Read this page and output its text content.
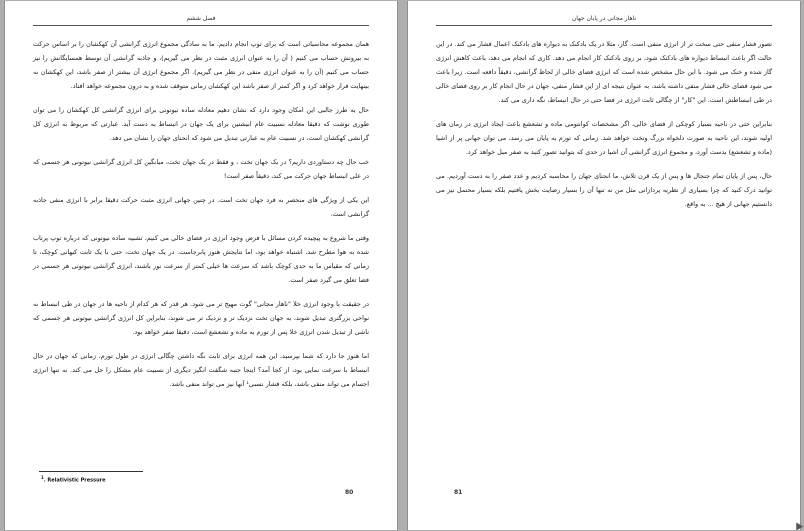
فصل ششم

همان مجموعه محاسباتی است که برای توپ انجام دادیم. ما به سادگی مجموع انرژی گرانشی آن کهکشان را بر اساس حرکت به بیرونش حساب می کنیم ( آن را به عنوان انرژی مثبت در نظر می گیریم)، و جاذبه گرانشی آن توسط همسایگانش را نیز حساب می کنیم (آن را به عنوان انرژی منفی در نظر می گیریم). اگر مجموع انرژی آن بیشتر از صفر باشد، این کهکشان به بینهایت فرار خواهد کرد و اگر کمتر از صفر باشد این کهکشان زمانی متوقف شده و به درون مجموعه خواهد افتاد.

حال به طرز جالبی این امکان وجود دارد که نشان دهیم معادله ساده نیوتونی برای انرژی گرانشی کل کهکشان را می توان طوری نوشت که دقیقا معادله نسبیت عام انیشتین برای یک جهان در انبساط به دست آید. عبارتی که مربوط به انرژی کل گرانشی کهکشان است، در نسبیت عام به عبارتی تبدیل می شود که انحنای جهان را نشان می دهد.

خب حال چه دستاوردی داریم؟ در یک جهان تخت ، و فقط در یک جهان تخت، میانگین کل انرژی گرانشی نیوتونی هر جسمی که در علی انبساط جهان حرکت می کند، دقیقاً صفر است!

این یکی از ویژگی های منحصر به فرد جهان تخت است. در چنین جهانی انرژی مثبت حرکت دقیقا برابر با انرژی منفی جاذبه گرانشی است.

وقتی ما شروع به پیچیده کردن مسائل با فرض وجود انرژی در فضای خالی می کنیم، تشبیه ساده نیوتونی که درباره توپ پرتاب شده به هوا مطرح شد، اشتباه خواهد بود، اما نتایجش هنوز پابرجاست. در یک جهان تخت، حتی با یک ثابت کیهانی کوچک، تا زمانی که مقیاس ما به حدی کوچک باشد که سرعت ها خیلی کمتر از سرعت نور باشند، انرژی گرانشی نیوتونی هر جسمی در فضا تعلق می گیرد صفر است.

در حقیقت با وجود انرژی خلا "ناهار مجانی" گوت مهیج تر می شود. هر قدر که هر کدام از ناحیه ها در جهان در طی انبساط به نواحی بزرگتری تبدیل شوند، به جهان تخت نزدیک تر و نزدیک تر می شوند، بنابراین کل انرژی گرانشی نیوتونی هر جسمی که ناشی از تبدیل شدن انرژی خلا پس از تورم به ماده و تشعشع است، دقیقا صفر خواهد بود.

اما هنوز جا دارد که شما بپرسید، این همه انرژی برای ثابت نگه داشتن چگالی انرژی در طول تورم، زمانی که جهان در حال انبساط با سرعت نمایی بود، از کجا آمد؟ اینجا جنبه شگفت انگیز دیگری از نسبیت عام مشکل را حل می کند. نه تنها انرژی اجسام می تواند منفی باشد، بلکه فشار نسبی¹ آنها نیز می تواند منفی باشد.

$^1$. Relativistic Pressure
80
ناهار مجانی در پایان جهان

تصور فشار منفی حتی سخت تر از انرژی منفی است. گاز، مثلا در یک بادکنک به دیواره های بادکنک اعمال فشار می کند. در این حالت اگر باعث انبساط دیواره های بادکنک شود، بر روی بادکنک کار انجام می دهد. کاری که انجام می دهد، باعث کاهش انرژی گاز شده و خنک می شود. با این حال مشخص شده است که انرژی فضای خالی از لحاظ گرانشی، دقیقاً دافعه است. زیرا باعث می شود فضای خالی فشار منفی داشته باشد. به عنوان نتیجه ای از این فشار منفی، جهان در حال انجام کار بر روی فضای خالی در طی انبساطش است. این "کار" از چگالی ثابت انرژی در فضا حتی در حال انبساط، نگه داری می کند.

بنابراین حتی در ناحیه بسیار کوچکی از فضای خالی، اگر مشخصات کوانتومی ماده و تشعشع باعث ایجاد انرژی در زمان های اولیه شوند، این ناحیه به صورت دلخواه بزرگ وتخت خواهد شد. زمانی که تورم به پایان می رسد، می توان جهانی پر از اشیا (ماده و تشعشع) بدست آورد، و مجموع انرژی گرانشی آن اشیا در حدی که بتوانید تصور کنید به صفر میل خواهد کرد.

حال، پس از پایان تمام جنجال ها و پس از یک قرن تلاش، ما انحنای جهان را محاسبه کردیم و عدد صفر را به دست آوردیم. می توانید درک کنید که چرا بسیاری از نظریه پردازانی مثل من نه تنها آن را بسیار رضایت بخش یافتیم بلکه بسیار محتمل نیز می دانستیم جهانی از هیچ ... به واقع.

81
